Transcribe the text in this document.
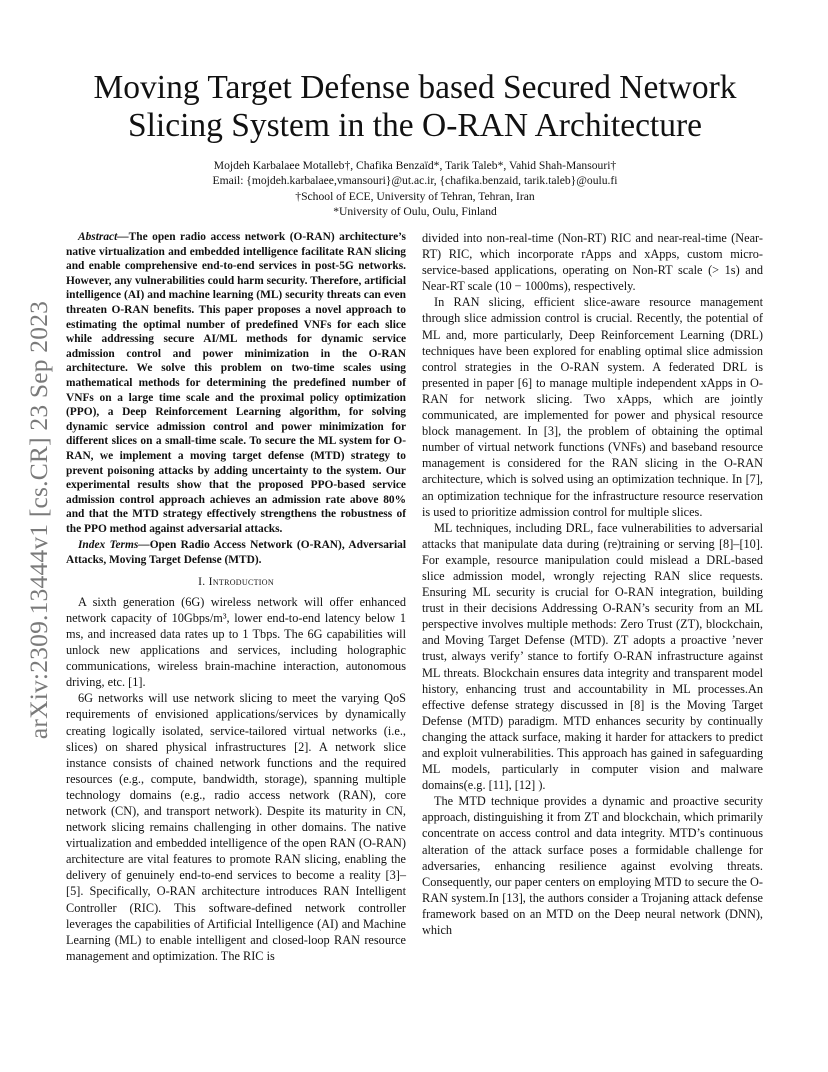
arXiv:2309.13444v1 [cs.CR] 23 Sep 2023
Moving Target Defense based Secured Network Slicing System in the O-RAN Architecture
Mojdeh Karbalaee Motalleb†, Chafika Benzaïd*, Tarik Taleb*, Vahid Shah-Mansouri†
Email: {mojdeh.karbalaee,vmansouri}@ut.ac.ir, {chafika.benzaid, tarik.taleb}@oulu.fi
†School of ECE, University of Tehran, Tehran, Iran
*University of Oulu, Oulu, Finland

Abstract—The open radio access network (O-RAN) architecture’s native virtualization and embedded intelligence facilitate RAN slicing and enable comprehensive end-to-end services in post-5G networks. However, any vulnerabilities could harm security. Therefore, artificial intelligence (AI) and machine learning (ML) security threats can even threaten O-RAN benefits. This paper proposes a novel approach to estimating the optimal number of predefined VNFs for each slice while addressing secure AI/ML methods for dynamic service admission control and power minimization in the O-RAN architecture. We solve this problem on two-time scales using mathematical methods for determining the predefined number of VNFs on a large time scale and the proximal policy optimization (PPO), a Deep Reinforcement Learning algorithm, for solving dynamic service admission control and power minimization for different slices on a small-time scale. To secure the ML system for O-RAN, we implement a moving target defense (MTD) strategy to prevent poisoning attacks by adding uncertainty to the system. Our experimental results show that the proposed PPO-based service admission control approach achieves an admission rate above 80% and that the MTD strategy effectively strengthens the robustness of the PPO method against adversarial attacks.

Index Terms—Open Radio Access Network (O-RAN), Adversarial Attacks, Moving Target Defense (MTD).

I. Introduction

A sixth generation (6G) wireless network will offer enhanced network capacity of 10Gbps/m³, lower end-to-end latency below 1 ms, and increased data rates up to 1 Tbps. The 6G capabilities will unlock new applications and services, including holographic communications, wireless brain-machine interaction, autonomous driving, etc. [1].

6G networks will use network slicing to meet the varying QoS requirements of envisioned applications/services by dynamically creating logically isolated, service-tailored virtual networks (i.e., slices) on shared physical infrastructures [2]. A network slice instance consists of chained network functions and the required resources (e.g., compute, bandwidth, storage), spanning multiple technology domains (e.g., radio access network (RAN), core network (CN), and transport network). Despite its maturity in CN, network slicing remains challenging in other domains. The native virtualization and embedded intelligence of the open RAN (O-RAN) architecture are vital features to promote RAN slicing, enabling the delivery of genuinely end-to-end services to become a reality [3]–[5]. Specifically, O-RAN architecture introduces RAN Intelligent Controller (RIC). This software-defined network controller leverages the capabilities of Artificial Intelligence (AI) and Machine Learning (ML) to enable intelligent and closed-loop RAN resource management and optimization. The RIC is

divided into non-real-time (Non-RT) RIC and near-real-time (Near-RT) RIC, which incorporate rApps and xApps, custom micro-service-based applications, operating on Non-RT scale (> 1s) and Near-RT scale (10 − 1000ms), respectively.

In RAN slicing, efficient slice-aware resource management through slice admission control is crucial. Recently, the potential of ML and, more particularly, Deep Reinforcement Learning (DRL) techniques have been explored for enabling optimal slice admission control strategies in the O-RAN system. A federated DRL is presented in paper [6] to manage multiple independent xApps in O-RAN for network slicing. Two xApps, which are jointly communicated, are implemented for power and physical resource block management. In [3], the problem of obtaining the optimal number of virtual network functions (VNFs) and baseband resource management is considered for the RAN slicing in the O-RAN architecture, which is solved using an optimization technique. In [7], an optimization technique for the infrastructure resource reservation is used to prioritize admission control for multiple slices.

ML techniques, including DRL, face vulnerabilities to adversarial attacks that manipulate data during (re)training or serving [8]–[10]. For example, resource manipulation could mislead a DRL-based slice admission model, wrongly rejecting RAN slice requests. Ensuring ML security is crucial for O-RAN integration, building trust in their decisions Addressing O-RAN’s security from an ML perspective involves multiple methods: Zero Trust (ZT), blockchain, and Moving Target Defense (MTD). ZT adopts a proactive ’never trust, always verify’ stance to fortify O-RAN infrastructure against ML threats. Blockchain ensures data integrity and transparent model history, enhancing trust and accountability in ML processes.An effective defense strategy discussed in [8] is the Moving Target Defense (MTD) paradigm. MTD enhances security by continually changing the attack surface, making it harder for attackers to predict and exploit vulnerabilities. This approach has gained in safeguarding ML models, particularly in computer vision and malware domains(e.g. [11], [12] ).

The MTD technique provides a dynamic and proactive security approach, distinguishing it from ZT and blockchain, which primarily concentrate on access control and data integrity. MTD’s continuous alteration of the attack surface poses a formidable challenge for adversaries, enhancing resilience against evolving threats. Consequently, our paper centers on employing MTD to secure the O-RAN system.In [13], the authors consider a Trojaning attack defense framework based on an MTD on the Deep neural network (DNN), which
